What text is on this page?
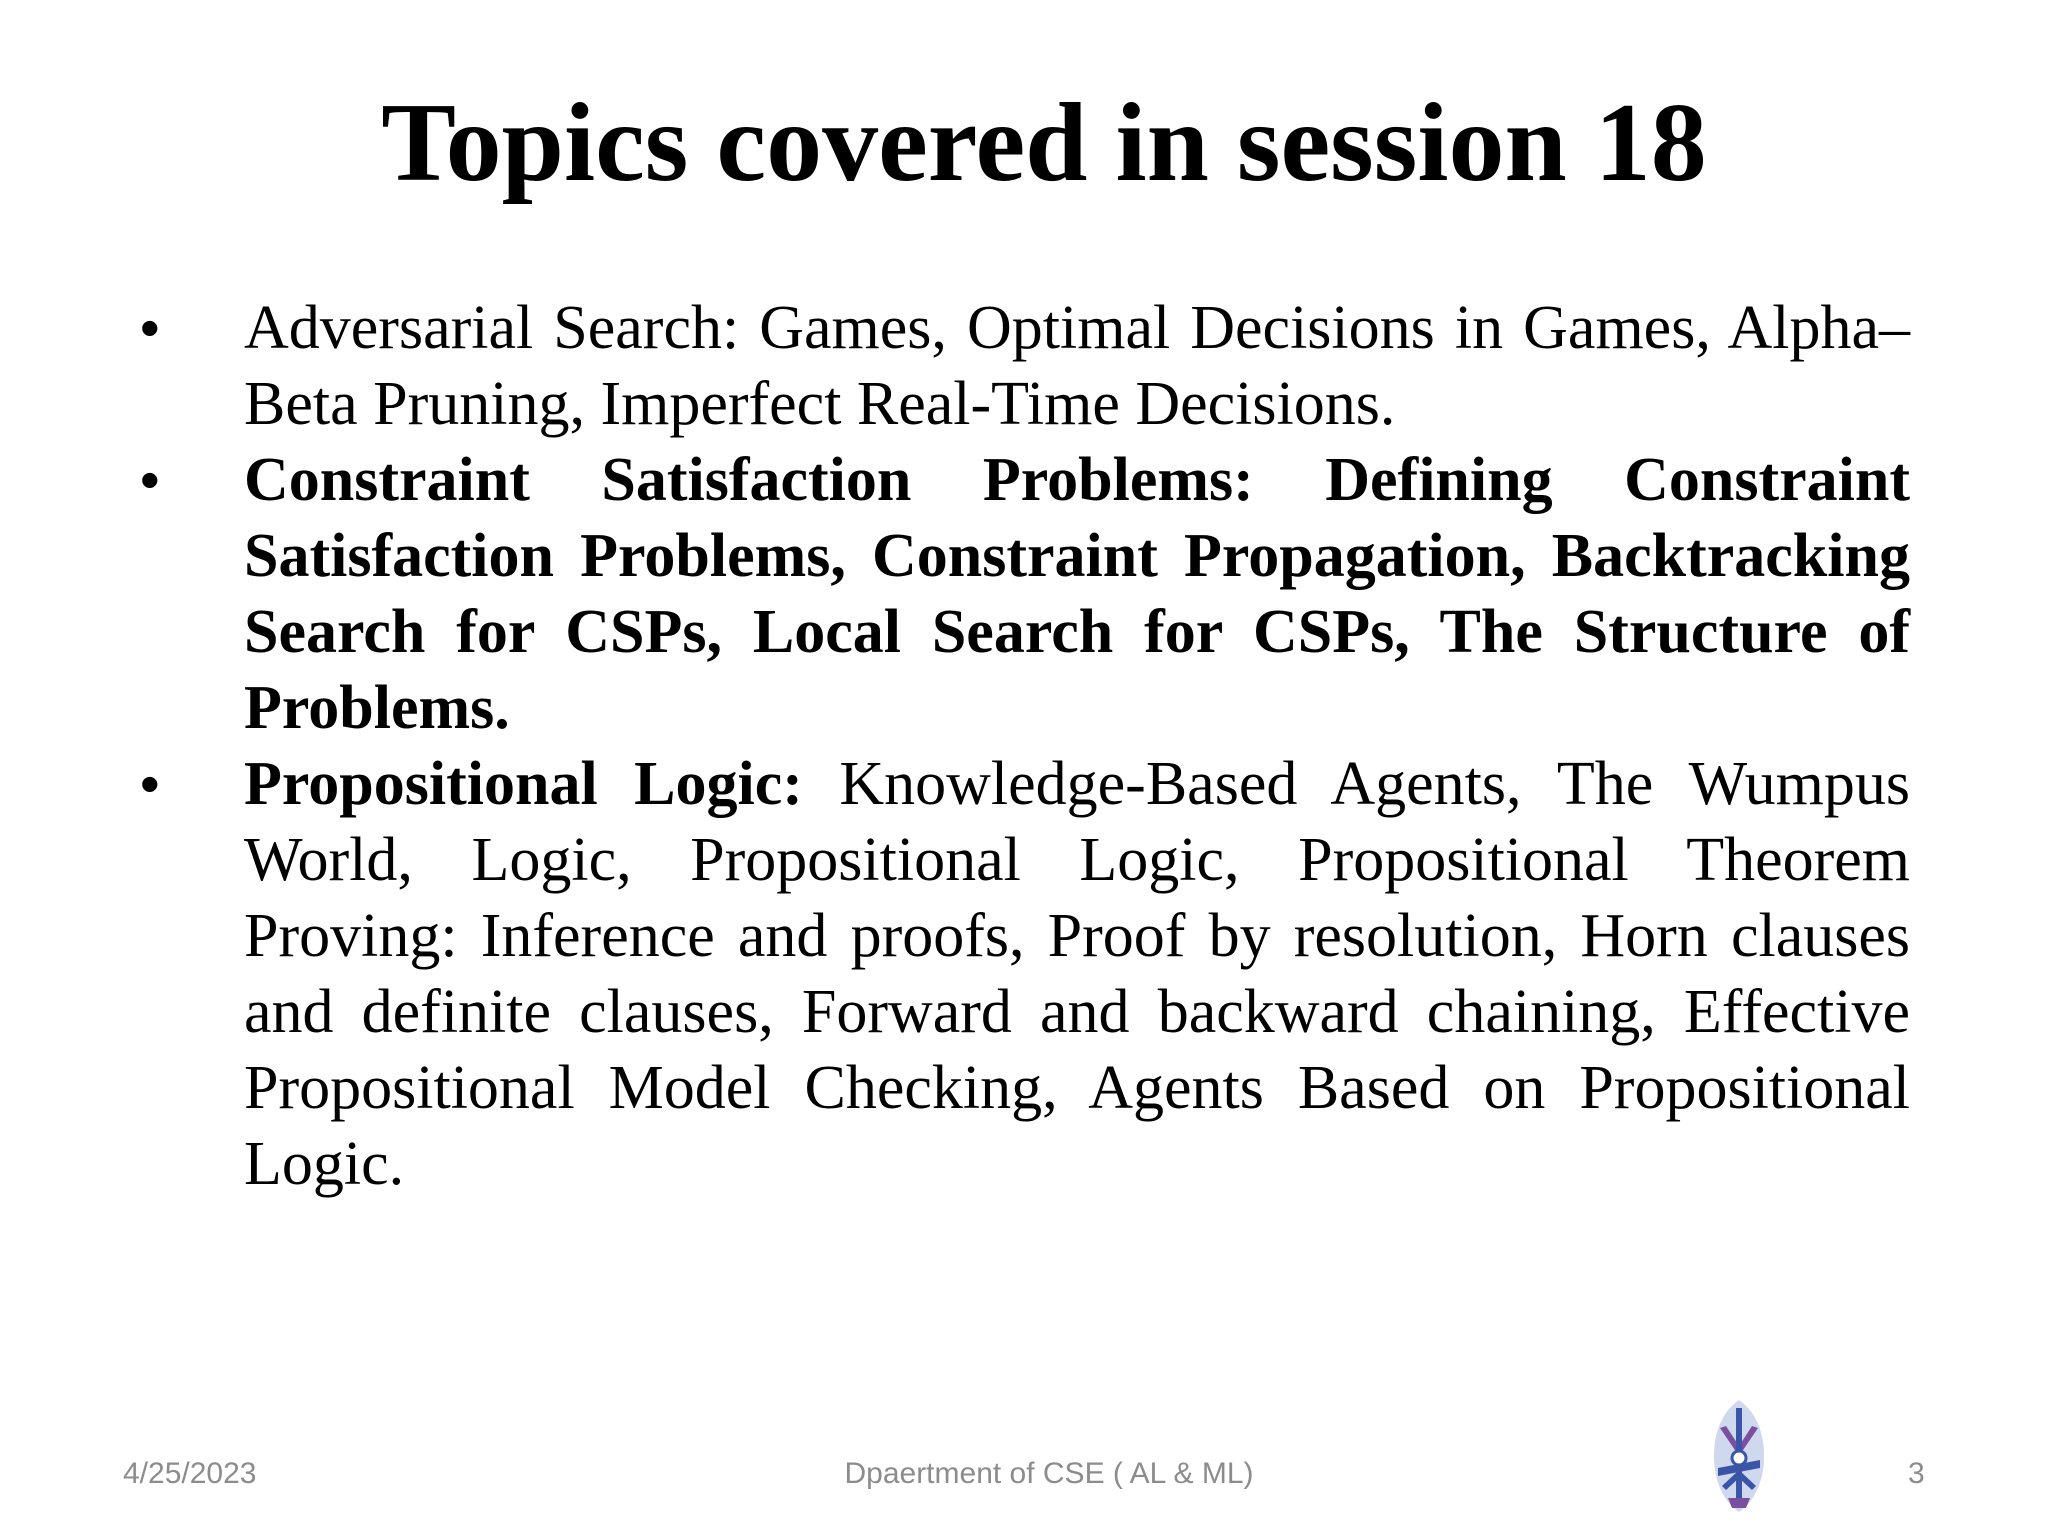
Topics covered in session 18
•	Adversarial Search: Games, Optimal Decisions in Games, Alpha–Beta Pruning, Imperfect Real-Time Decisions.
•	Constraint Satisfaction Problems: Defining Constraint Satisfaction Problems, Constraint Propagation, Backtracking Search for CSPs, Local Search for CSPs, The Structure of Problems.
•	Propositional Logic: Knowledge-Based Agents, The Wumpus World, Logic, Propositional Logic, Propositional Theorem Proving: Inference and proofs, Proof by resolution, Horn clauses and definite clauses, Forward and backward chaining, Effective Propositional Model Checking, Agents Based on Propositional Logic.
4/25/2023	Dpaertment of CSE ( AL & ML)	3
